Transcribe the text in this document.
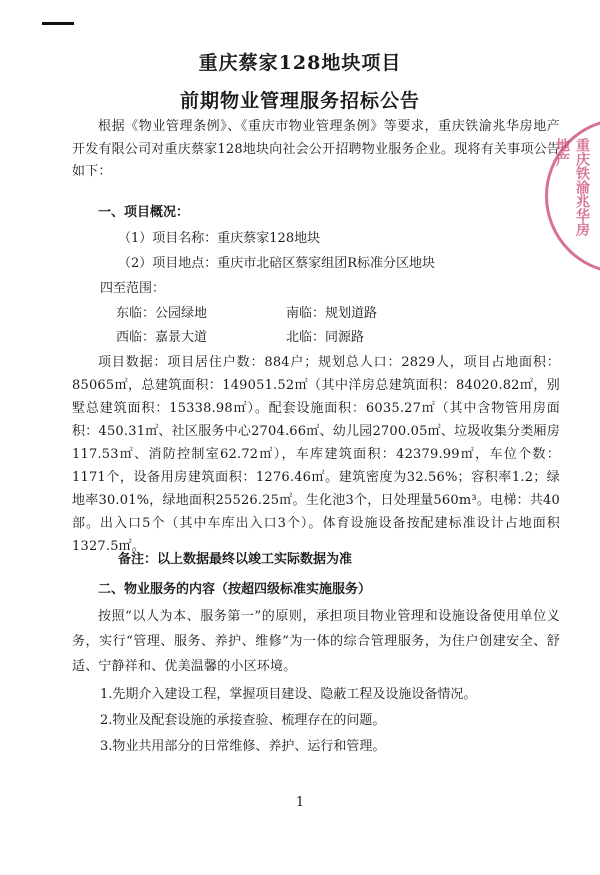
重庆蔡家128地块项目
前期物业管理服务招标公告
根据《物业管理条例》、《重庆市物业管理条例》等要求，重庆铁渝兆华房地产开发有限公司对重庆蔡家128地块向社会公开招聘物业服务企业。现将有关事项公告如下：
一、项目概况：
（1）项目名称：重庆蔡家128地块
（2）项目地点：重庆市北碚区蔡家组团R标准分区地块
四至范围：
东临：公园绿地	南临：规划道路
西临：嘉景大道	北临：同源路
项目数据：项目居住户数：884户；规划总人口：2829人，项目占地面积：85065㎡，总建筑面积：149051.52㎡（其中洋房总建筑面积：84020.82㎡，别墅总建筑面积：15338.98㎡）。配套设施面积：6035.27㎡（其中含物管用房面积：450.31㎡、社区服务中心2704.66㎡、幼儿园2700.05㎡、垃圾收集分类厢房117.53㎡、消防控制室62.72㎡），车库建筑面积：42379.99㎡，车位个数：1171个，设备用房建筑面积：1276.46㎡。建筑密度为32.56%；容积率1.2；绿地率30.01%，绿地面积25526.25㎡。生化池3个，日处理量560m³。电梯：共40部。出入口5个（其中车库出入口3个）。体育设施设备按配建标准设计占地面积1327.5㎡。
备注：以上数据最终以竣工实际数据为准
二、物业服务的内容（按超四级标准实施服务）
按照“以人为本、服务第一”的原则，承担项目物业管理和设施设备使用单位义务，实行“管理、服务、养护、维修”为一体的综合管理服务，为住户创建安全、舒适、宁静祥和、优美温馨的小区环境。
1.先期介入建设工程，掌握项目建设、隐蔽工程及设施设备情况。
2.物业及配套设施的承接查验、梳理存在的问题。
3.物业共用部分的日常维修、养护、运行和管理。
1
重庆铁渝兆华房地产
